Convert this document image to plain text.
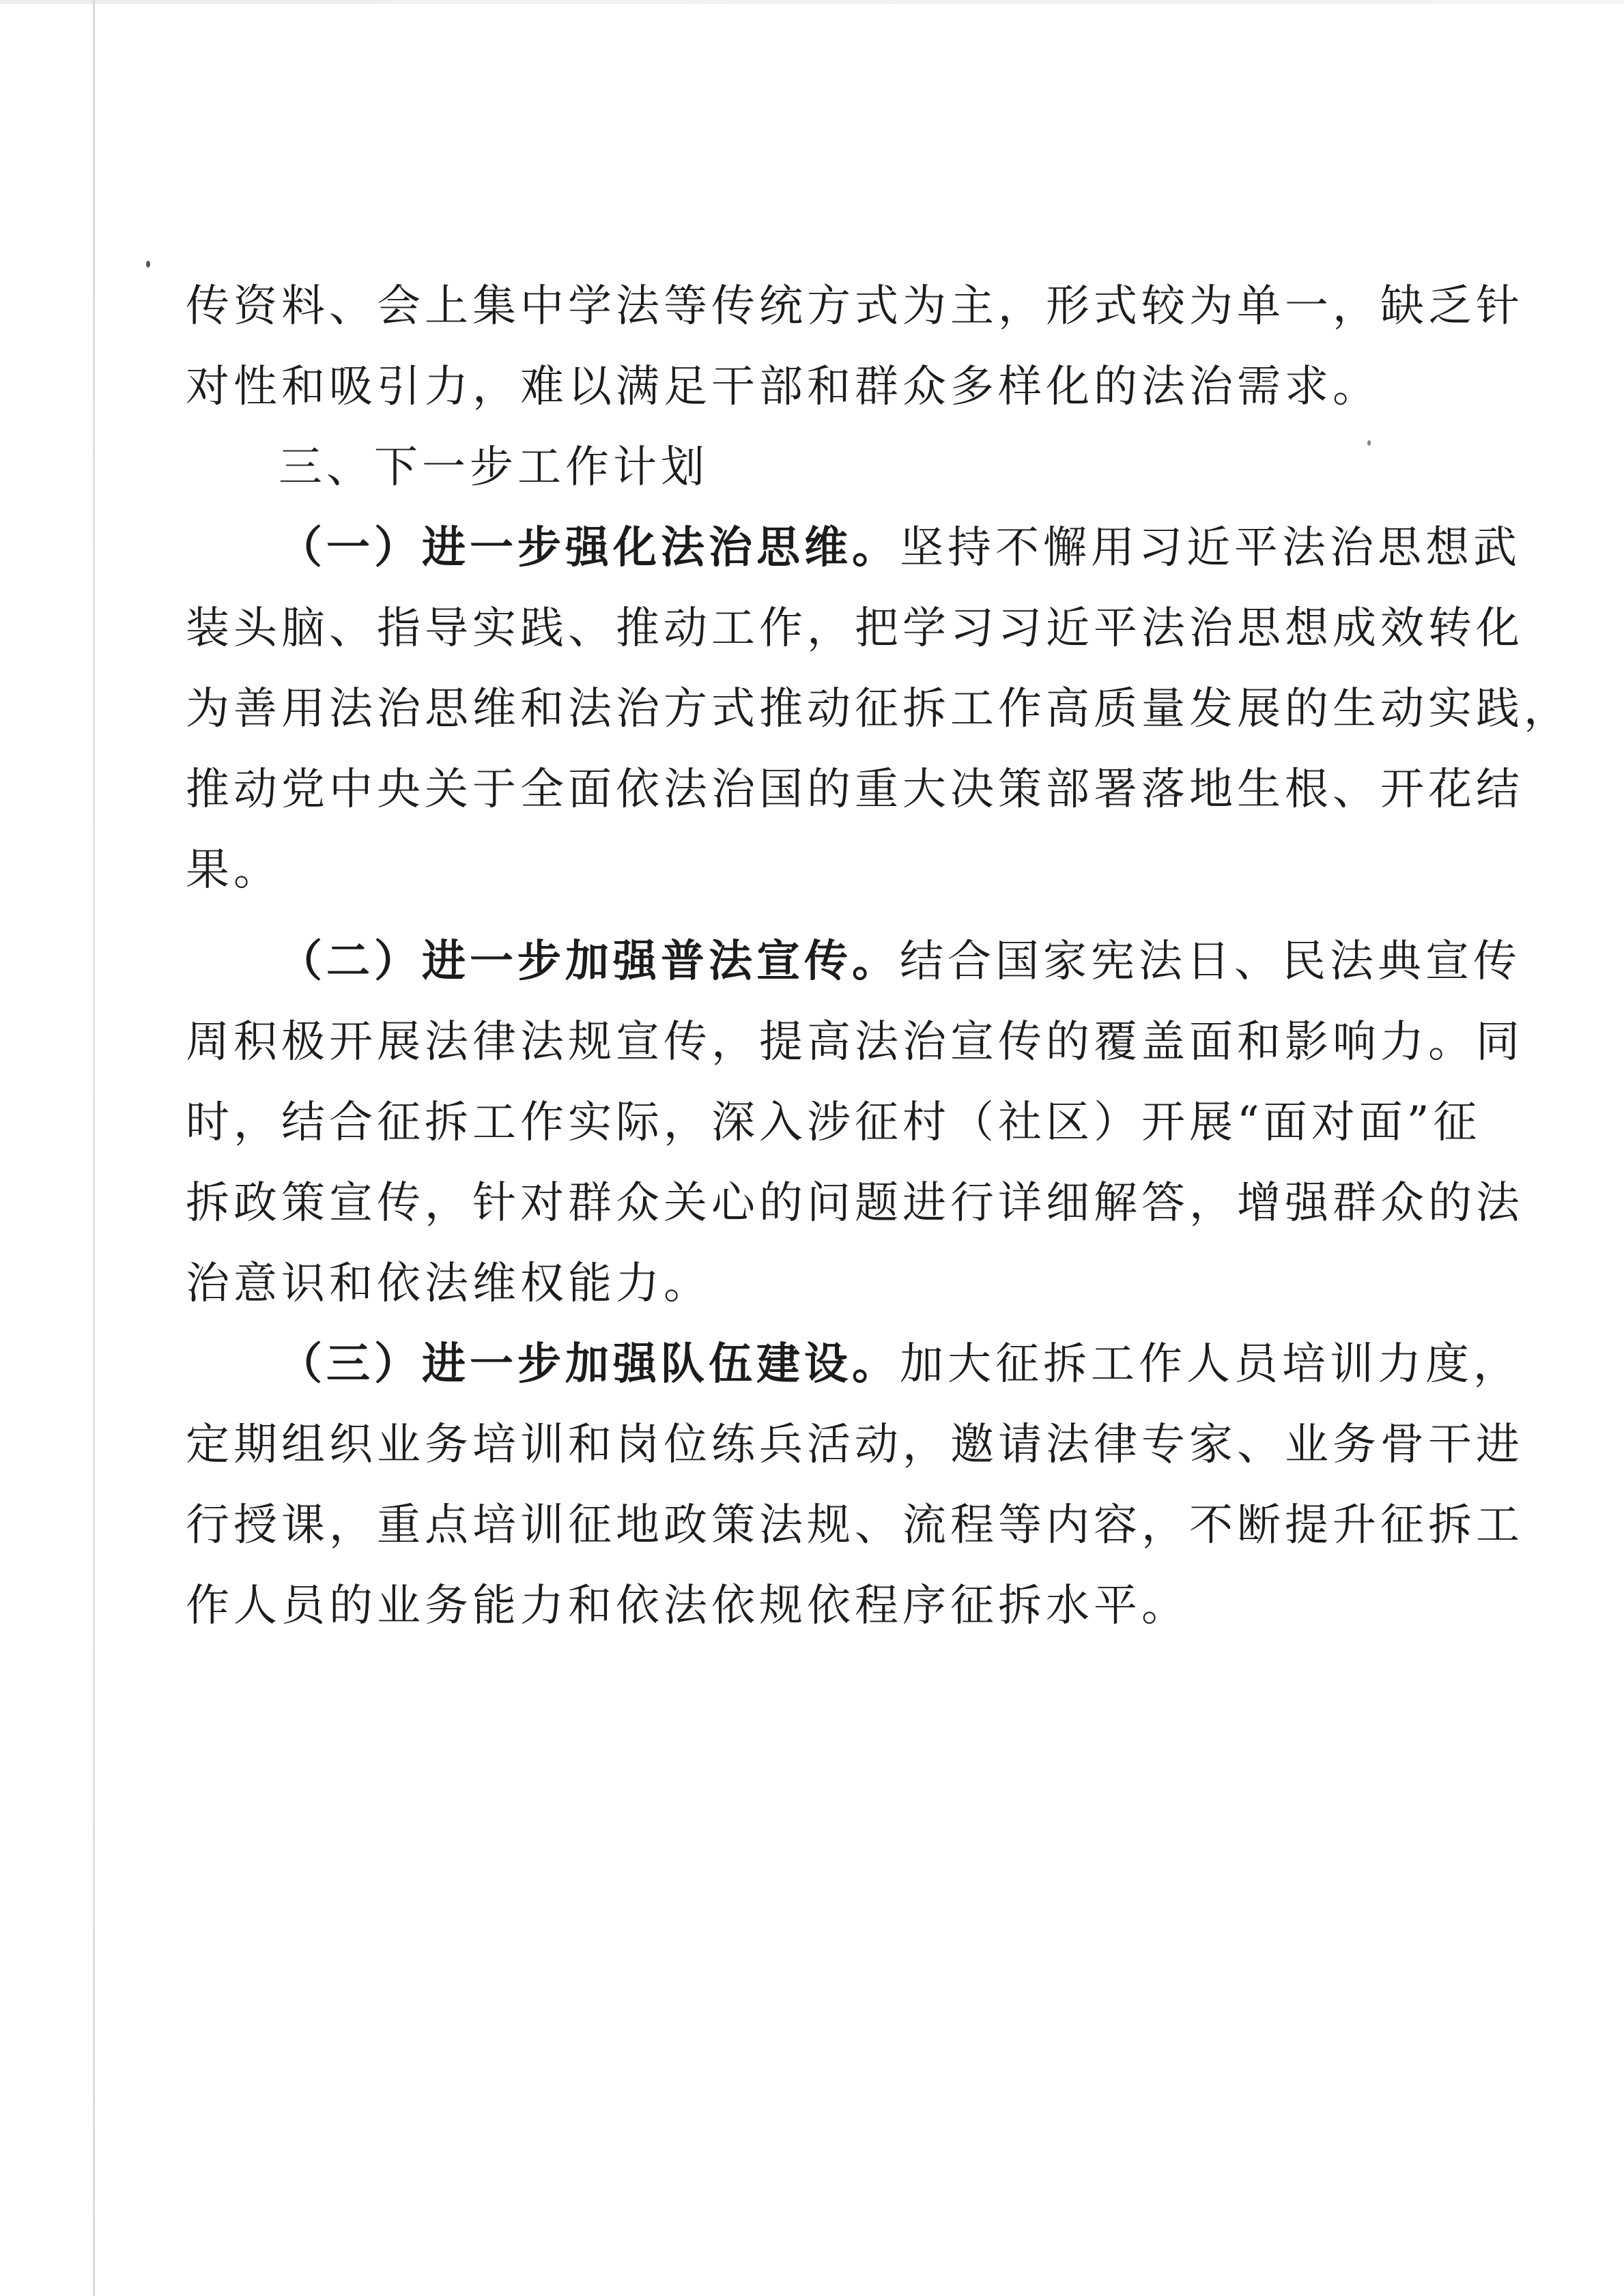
传资料、会上集中学法等传统方式为主，形式较为单一，缺乏针
对性和吸引力，难以满足干部和群众多样化的法治需求。
三、下一步工作计划
（一）进一步强化法治思维。坚持不懈用习近平法治思想武
装头脑、指导实践、推动工作，把学习习近平法治思想成效转化
为善用法治思维和法治方式推动征拆工作高质量发展的生动实践，
推动党中央关于全面依法治国的重大决策部署落地生根、开花结
果。
（二）进一步加强普法宣传。结合国家宪法日、民法典宣传
周积极开展法律法规宣传，提高法治宣传的覆盖面和影响力。同
时，结合征拆工作实际，深入涉征村（社区）开展“面对面”征
拆政策宣传，针对群众关心的问题进行详细解答，增强群众的法
治意识和依法维权能力。
（三）进一步加强队伍建设。加大征拆工作人员培训力度，
定期组织业务培训和岗位练兵活动，邀请法律专家、业务骨干进
行授课，重点培训征地政策法规、流程等内容，不断提升征拆工
作人员的业务能力和依法依规依程序征拆水平。
